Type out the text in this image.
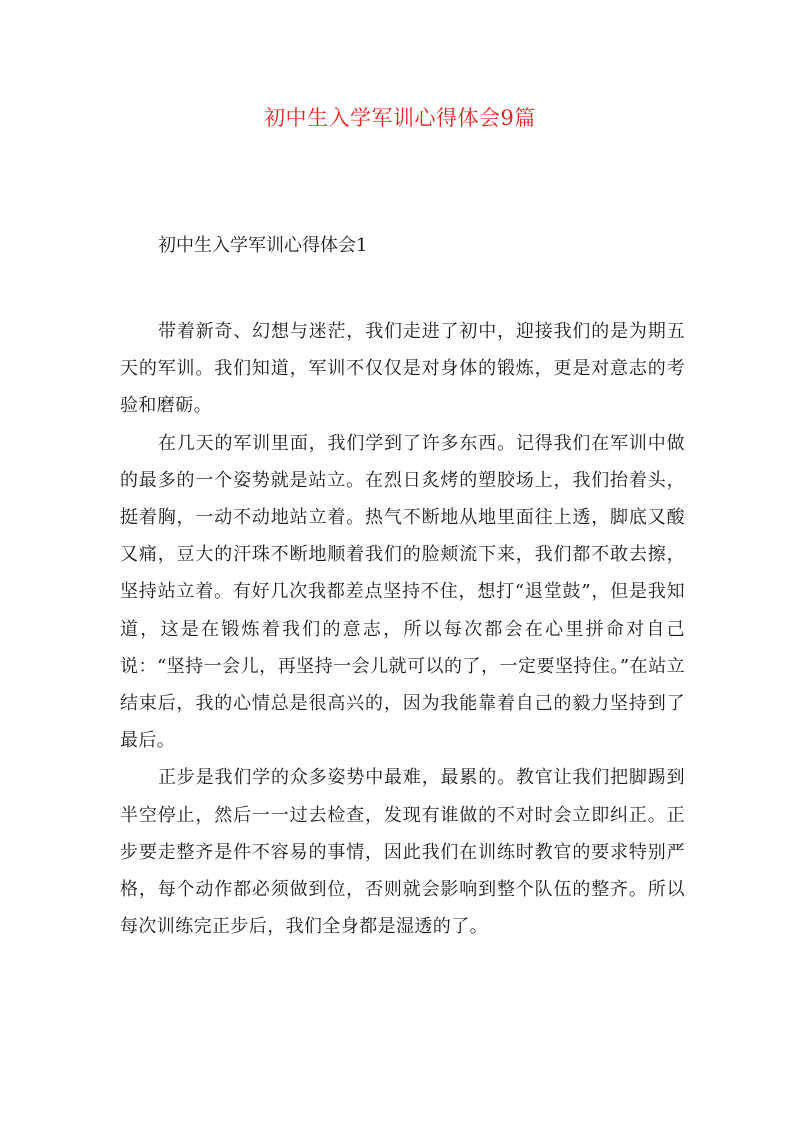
初中生入学军训心得体会9篇
初中生入学军训心得体会1

带着新奇、幻想与迷茫，我们走进了初中，迎接我们的是为期五天的军训。我们知道，军训不仅仅是对身体的锻炼，更是对意志的考验和磨砺。

在几天的军训里面，我们学到了许多东西。记得我们在军训中做的最多的一个姿势就是站立。在烈日炙烤的塑胶场上，我们抬着头，挺着胸，一动不动地站立着。热气不断地从地里面往上透，脚底又酸又痛，豆大的汗珠不断地顺着我们的脸颊流下来，我们都不敢去擦，坚持站立着。有好几次我都差点坚持不住，想打“退堂鼓”，但是我知道，这是在锻炼着我们的意志，所以每次都会在心里拼命对自己说：“坚持一会儿，再坚持一会儿就可以的了，一定要坚持住。”在站立结束后，我的心情总是很高兴的，因为我能靠着自己的毅力坚持到了最后。

正步是我们学的众多姿势中最难，最累的。教官让我们把脚踢到半空停止，然后一一过去检查，发现有谁做的不对时会立即纠正。正步要走整齐是件不容易的事情，因此我们在训练时教官的要求特别严格，每个动作都必须做到位，否则就会影响到整个队伍的整齐。所以每次训练完正步后，我们全身都是湿透的了。
